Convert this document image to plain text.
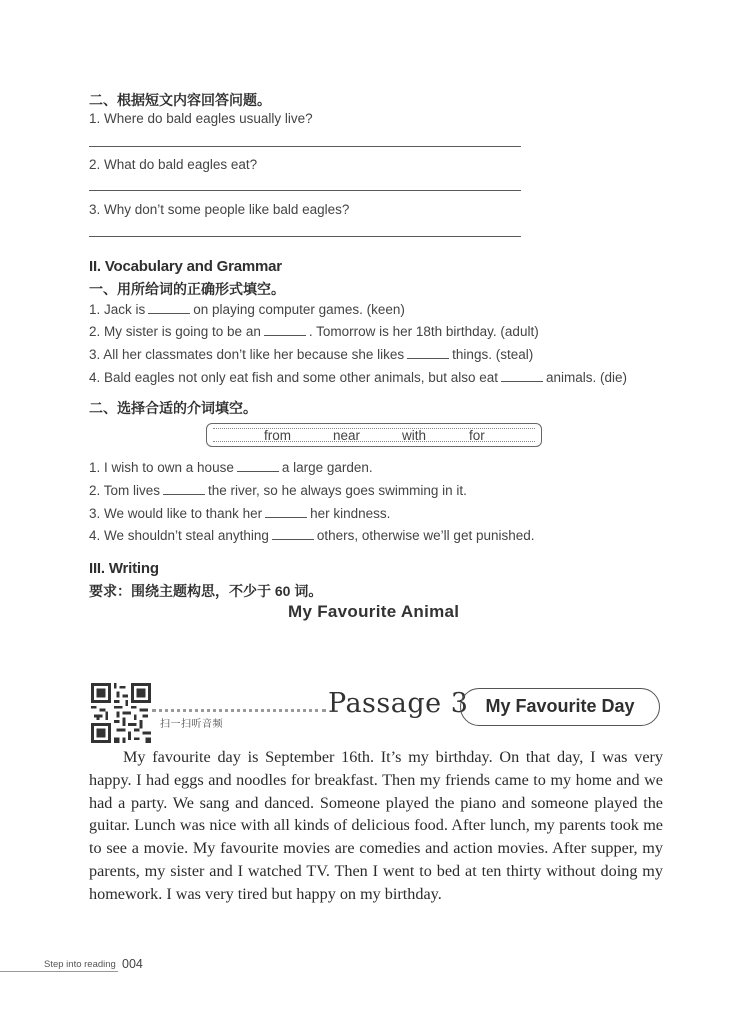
二、根据短文内容回答问题。
1. Where do bald eagles usually live?
2. What do bald eagles eat?
3. Why don’t some people like bald eagles?
II. Vocabulary and Grammar
一、用所给词的正确形式填空。
1. Jack is	on playing computer games. (keen)
2. My sister is going to be an	. Tomorrow is her 18th birthday. (adult)
3. All her classmates don’t like her because she likes	things. (steal)
4. Bald eagles not only eat fish and some other animals, but also eat	animals. (die)
二、选择合适的介词填空。
from	near	with	for
1. I wish to own a house	a large garden.
2. Tom lives	the river, so he always goes swimming in it.
3. We would like to thank her	her kindness.
4. We shouldn’t steal anything	others, otherwise we’ll get punished.
III. Writing
要求：围绕主题构思，不少于 60 词。
My Favourite Animal
扫一扫听音频
Passage 3 My Favourite Day
My favourite day is September 16th. It’s my birthday. On that day, I was very happy. I had eggs and noodles for breakfast. Then my friends came to my home and we had a party. We sang and danced. Someone played the piano and someone played the guitar. Lunch was nice with all kinds of delicious food. After lunch, my parents took me to see a movie. My favourite movies are comedies and action movies. After supper, my parents, my sister and I watched TV. Then I went to bed at ten thirty without doing my homework. I was very tired but happy on my birthday.
Step into reading 004
